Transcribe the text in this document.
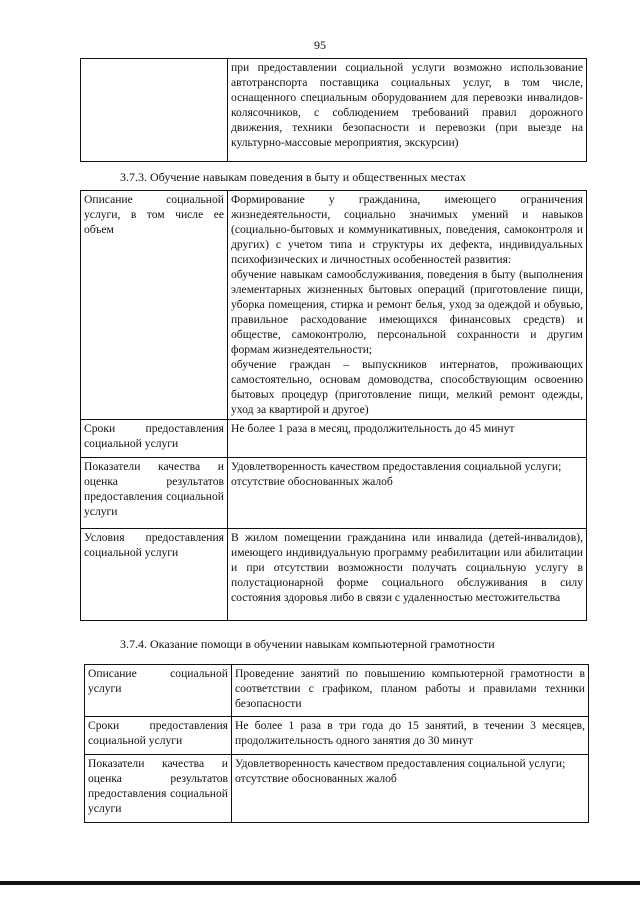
95
	при предоставлении социальной услуги возможно использование автотранспорта поставщика социальных услуг, в том числе, оснащенного специальным оборудованием для перевозки инвалидов-колясочников, с соблюдением требований правил дорожного движения, техники безопасности и перевозки (при выезде на культурно-массовые мероприятия, экскурсии)
3.7.3. Обучение навыкам поведения в быту и общественных местах
Описание социальной услуги, в том числе ее объем	Формирование у гражданина, имеющего ограничения жизнедеятельности, социально значимых умений и навыков (социально-бытовых и коммуникативных, поведения, самоконтроля и других) с учетом типа и структуры их дефекта, индивидуальных психофизических и личностных особенностей развития:
обучение навыкам самообслуживания, поведения в быту (выполнения элементарных жизненных бытовых операций (приготовление пищи, уборка помещения, стирка и ремонт белья, уход за одеждой и обувью, правильное расходование имеющихся финансовых средств) и обществе, самоконтролю, персональной сохранности и другим формам жизнедеятельности;
обучение граждан – выпускников интернатов, проживающих самостоятельно, основам домоводства, способствующим освоению бытовых процедур (приготовление пищи, мелкий ремонт одежды, уход за квартирой и другое)
Сроки предоставления социальной услуги	Не более 1 раза в месяц, продолжительность до 45 минут
Показатели качества и оценка результатов предоставления социальной услуги	Удовлетворенность качеством предоставления социальной услуги;
отсутствие обоснованных жалоб
Условия предоставления социальной услуги	В жилом помещении гражданина или инвалида (детей-инвалидов), имеющего индивидуальную программу реабилитации или абилитации и при отсутствии возможности получать социальную услугу в полустационарной форме социального обслуживания в силу состояния здоровья либо в связи с удаленностью местожительства
3.7.4. Оказание помощи в обучении навыкам компьютерной грамотности
Описание социальной услуги	Проведение занятий по повышению компьютерной грамотности в соответствии с графиком, планом работы и правилами техники безопасности
Сроки предоставления социальной услуги	Не более 1 раза в три года до 15 занятий, в течении 3 месяцев, продолжительность одного занятия до 30 минут
Показатели качества и оценка результатов предоставления социальной услуги	Удовлетворенность качеством предоставления социальной услуги;
отсутствие обоснованных жалоб
